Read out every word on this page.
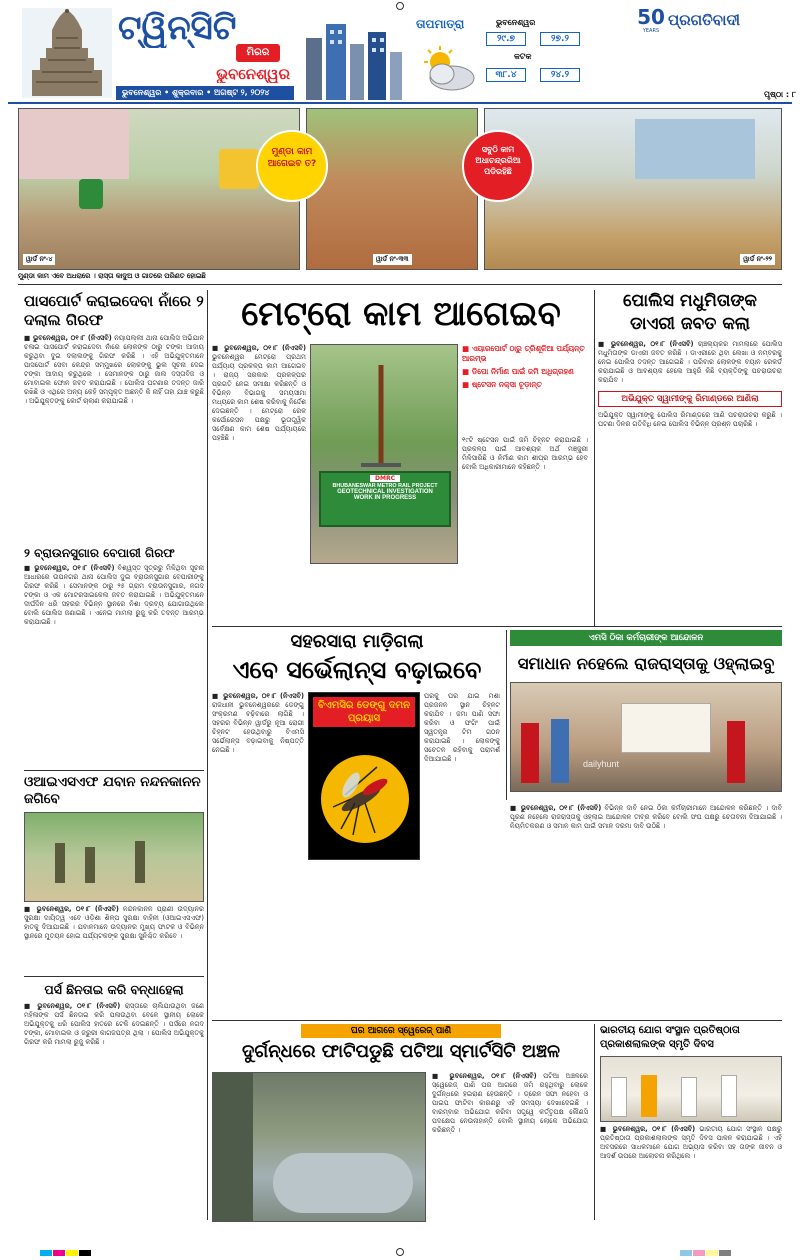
ଟ୍ୱିନ୍‌ସିଟି
ମିରର
ଭୁବନେଶ୍ୱର
ଭୁବନେଶ୍ୱର • ଶୁକ୍ରବାର • ଅଗଷ୍ଟ ୨, ୨୦୨୪
ତାପମାତ୍ରା	ଭୁବନେଶ୍ୱର
୨୯.୭	୨୭.୨
କଟକ
୩୮.୪	୨୪.୨
50
YEARS
ପ୍ରଗତିବାଦୀ
ପୃଷ୍ଠା : ୮
ୱାର୍ଡ ନଂ-୪	ୱାର୍ଡ ନଂ-୩୩	ୱାର୍ଡ ନଂ-୨୨
ମୁଣ୍ଡା କାମ ଆଗେଇବ ତ?
ସବୁଠି କାମ ଅଧାଚନ୍ଦ୍ରରିଆ ପଡିରହିଛି
ମୁଣ୍ଡା କାମ ଏବେ ଅଧରାରେ । ରାସ୍ତା କାଦୁଅ ଓ ଗାତରେ ପରିଣତ ହୋଇଛି
ପାସପୋର୍ଟ କରାଇଦେବା ନାଁରେ ୨ ଦଲାଲ ଗିରଫ
■ ଭୁବନେଶ୍ୱର, ୦୧।୮ (ନିଏସବି) ନୟାପଲ୍ଲୀ ଥାନା ପୋଲିସ ଅଭିଯାନ ଚଳାଇ ପାସପୋର୍ଟ କରାଇଦେବା ନାଁରେ ଲୋକଙ୍କ ଠାରୁ ଟଙ୍କା ଆଦାୟ କରୁଥିବା ଦୁଇ ଦଲାଲଙ୍କୁ ଗିରଫ କରିଛି । ଏହି ଅଭିଯୁକ୍ତମାନେ ପାସପୋର୍ଟ ସେବା କେନ୍ଦ୍ର ସମ୍ମୁଖରେ ଲୋକଙ୍କୁ ଭୁଲ ସୂଚନା ଦେଇ ଟଙ୍କା ଆଦାୟ କରୁଥିଲେ । ସେମାନଙ୍କ ଠାରୁ ଜାଲ ଦସ୍ତାବିଜ ଓ ମୋବାଇଲ ଫୋନ ଜବତ କରାଯାଇଛି । ପୋଲିସ ଘଟଣାର ତଦନ୍ତ ଜାରି ରଖିଛି ଓ ଏଥିରେ ଅନ୍ୟ କେହି ସମ୍ପୃକ୍ତ ଅଛନ୍ତି କି ନାହିଁ ତାହା ଯାଞ୍ଚ କରୁଛି । ଅଭିଯୁକ୍ତଙ୍କୁ କୋର୍ଟ ଚାଲାଣ କରାଯାଇଛି ।
୨ ବ୍ରାଉନସୁଗାର ବେପାରୀ ଗିରଫ
■ ଭୁବନେଶ୍ୱର, ୦୧।୮ (ନିଏସବି) ବିଶ୍ୱସ୍ତ ସୂତ୍ରରୁ ମିଳିଥିବା ସୂଚନା ଆଧାରରେ ଉପନଗର ଥାନା ପୋଲିସ ଦୁଇ ବ୍ରାଉନସୁଗାର ବେପାରୀଙ୍କୁ ଗିରଫ କରିଛି । ସେମାନଙ୍କ ଠାରୁ ୨୫ ଗ୍ରାମ ବ୍ରାଉନସୁଗାର, ନଗଦ ଟଙ୍କା ଓ ଏକ ମୋଟରସାଇକେଲ ଜବତ କରାଯାଇଛି । ଅଭିଯୁକ୍ତମାନେ ଦୀର୍ଘଦିନ ଧରି ସହରର ବିଭିନ୍ନ ସ୍ଥାନରେ ନିଶା ଦ୍ରବ୍ୟ ଯୋଗାଉଥିଲେ ବୋଲି ପୋଲିସ ଜଣାଇଛି । ଏନେଇ ମାମଲା ରୁଜୁ କରି ତଦନ୍ତ ଆରମ୍ଭ କରାଯାଇଛି ।
ଓଆଇଏସଏଫ ଯବାନ ନନ୍ଦନକାନନ ଜଗିବେ
■ ଭୁବନେଶ୍ୱର, ୦୧।୮ (ନିଏସବି) ନନ୍ଦନକାନନ ପ୍ରାଣୀ ଉଦ୍ୟାନର ସୁରକ୍ଷା ଦାୟିତ୍ୱ ଏବେ ଓଡ଼ିଶା ଶିଳ୍ପ ସୁରକ୍ଷା ବାହିନୀ (ଓଆଇଏସଏଫ) ହାତକୁ ଦିଆଯାଇଛି । ଯବାନମାନେ ଉଦ୍ୟାନର ମୁଖ୍ୟ ଫାଟକ ଓ ବିଭିନ୍ନ ସ୍ଥାନରେ ମୁତୟନ ହୋଇ ପର୍ଯ୍ୟଟକଙ୍କ ସୁରକ୍ଷା ସୁନିଶ୍ଚିତ କରିବେ ।
ପର୍ସ ଛିନତାଇ କରି ବନ୍ଧାହେଲା
■ ଭୁବନେଶ୍ୱର, ୦୧।୮ (ନିଏସବି) ରାସ୍ତାରେ ଚାଲିଯାଉଥିବା ଜଣେ ମହିଳାଙ୍କ ପର୍ସ ଛିନତାଇ କରି ପଳାଉଥିବା ବେଳେ ସ୍ଥାନୀୟ ଲୋକେ ଅଭିଯୁକ୍ତକୁ ଧରି ପୋଲିସ ହାତରେ ଟେକି ଦେଇଛନ୍ତି । ପର୍ସରେ ନଗଦ ଟଙ୍କା, ମୋବାଇଲ ଓ ଜରୁରୀ କାଗଜପତ୍ର ଥିଲା । ପୋଲିସ ଅଭିଯୁକ୍ତକୁ ଗିରଫ କରି ମାମଲା ରୁଜୁ କରିଛି ।
ମେଟ୍ରୋ କାମ ଆଗେଇବ
■ ଭୁବନେଶ୍ୱର, ୦୧।୮ (ନିଏସବି) ଭୁବନେଶ୍ୱର ମେଟ୍ରୋ ପ୍ରଥମ ପର୍ଯ୍ୟାୟ ପ୍ରକଳ୍ପ କାମ ଆଗେଇବ । ରାଜ୍ୟ ସରକାର ପ୍ରକଳ୍ପର ପ୍ରଗତି ନେଇ ସମୀକ୍ଷା କରିଛନ୍ତି ଓ ବିଭିନ୍ନ ବିଭାଗକୁ ସମୟସୀମା ମଧ୍ୟରେ କାମ ଶେଷ କରିବାକୁ ନିର୍ଦ୍ଦେଶ ଦେଇଛନ୍ତି । ମେଟ୍ରୋ ରେଳ କର୍ପୋରେସନ ପକ୍ଷରୁ ଭୂତାତ୍ତ୍ୱିକ ସର୍ବେକ୍ଷଣ କାମ ଶେଷ ପର୍ଯ୍ୟାୟରେ ପହଞ୍ଚିଛି ।
DMRC
BHUBANESWAR METRO RAIL PROJECT
GEOTECHNICAL INVESTIGATION
WORK IN PROGRESS
■ ଏୟାରପୋର୍ଟ ଠାରୁ ତ୍ରିଶୂଳିଆ ପର୍ଯ୍ୟନ୍ତ ଆରମ୍ଭ
■ ଡିପୋ ନିର୍ମାଣ ପାଇଁ ଜମି ଅଧିଗ୍ରହଣ
■ ଷ୍ଟେସନ ନକ୍ସା ଚୂଡ଼ାନ୍ତ
୧୯ଟି ଷ୍ଟେସନ ପାଇଁ ଜମି ଚିହ୍ନଟ କରାଯାଇଛି । ପ୍ରକଳ୍ପ ପାଇଁ ଆବଶ୍ୟକ ଅର୍ଥ ମଞ୍ଜୁରୀ ମିଳିସାରିଛି ଓ ନିର୍ମାଣ କାମ ଶୀଘ୍ର ଆରମ୍ଭ ହେବ ବୋଲି ଅଧିକାରୀମାନେ କହିଛନ୍ତି ।
ପୋଲିସ ମଧୁମିତାଙ୍କ ଡାଏରୀ ଜବତ କଲା
■ ଭୁବନେଶ୍ୱର, ୦୧।୮ (ନିଏସବି) ଚାଞ୍ଚଲ୍ୟକର ମାମଲାରେ ପୋଲିସ ମଧୁମିତାଙ୍କ ଡାଏରୀ ଜବତ କରିଛି । ଡାଏରୀରେ ଥିବା ଲେଖା ଓ ନମ୍ବରକୁ ନେଇ ପୋଲିସ ତଦନ୍ତ ଆଗେଇଛି । ପରିବାର ଲୋକଙ୍କ ବୟାନ ରେକର୍ଡ କରାଯାଇଛି ଓ ଆବଶ୍ୟକ ହେଲେ ଆହୁରି କିଛି ବ୍ୟକ୍ତିଙ୍କୁ ପଚରାଉଚରା କରାଯିବ ।
ଅଭିଯୁକ୍ତ ସ୍ୱାମୀଙ୍କୁ ରିମାଣ୍ଡରେ ଆଣିଲା
ଅଭିଯୁକ୍ତ ସ୍ୱାମୀଙ୍କୁ ପୋଲିସ ରିମାଣ୍ଡରେ ଆଣି ପଚରାଉଚରା କରୁଛି । ଘଟଣା ଦିନର ଗତିବିଧି ନେଇ ପୋଲିସ ବିଭିନ୍ନ ପ୍ରଶ୍ନ ପଚାରିଛି ।
ସହରସାରା ମାଡ଼ିଗଲା
ଏବେ ସର୍ଭେଲାନ୍ସ ବଢ଼ାଇବେ
■ ଭୁବନେଶ୍ୱର, ୦୧।୮ (ନିଏସବି) ରାଜଧାନୀ ଭୁବନେଶ୍ୱରରେ ଡେଙ୍ଗୁ ସଂକ୍ରମଣ ବଢ଼ିବାରେ ଲାଗିଛି । ସହରର ବିଭିନ୍ନ ୱାର୍ଡରୁ ନୂଆ ରୋଗୀ ଚିହ୍ନଟ ହେଉଥିବାରୁ ବିଏମସି ସର୍ଭେଲାନ୍ସ ବଢ଼ାଇବାକୁ ନିଷ୍ପତ୍ତି ନେଇଛି ।
ବିଏମସିର ଡେଙ୍ଗୁ ଦମନ ପ୍ରୟାସ
ଘରକୁ ଘର ଯାଇ ମଶା ପ୍ରଜନନ ସ୍ଥାନ ଚିହ୍ନଟ କରାଯିବ । ଜମା ପାଣି ସଫା କରିବା ଓ ଫଗିଂ ପାଇଁ ସ୍ୱତନ୍ତ୍ର ଟିମ ଗଠନ କରାଯାଇଛି । ଲୋକଙ୍କୁ ସଚେତନ ରହିବାକୁ ପରାମର୍ଶ ଦିଆଯାଇଛି ।
ଏମସି ଠିକା କର୍ମଚାରୀଙ୍କ ଆନ୍ଦୋଳନ
ସମାଧାନ ନହେଲେ ରାଜରାସ୍ତାକୁ ଓହ୍ଲାଇବୁ
dailyhunt
■ ଭୁବନେଶ୍ୱର, ୦୧।୮ (ନିଏସବି) ବିଭିନ୍ନ ଦାବି ନେଇ ଠିକା କର୍ମଚାରୀମାନେ ଆନ୍ଦୋଳନ କରିଛନ୍ତି । ଦାବି ପୂରଣ ନହେଲେ ରାଜରାସ୍ତାକୁ ଓହ୍ଲାଇ ଆନ୍ଦୋଳନ ତୀବ୍ର କରିବେ ବୋଲି ସଂଘ ପକ୍ଷରୁ ଚେତାବନୀ ଦିଆଯାଇଛି । ନିୟମିତକରଣ ଓ ସମାନ କାମ ପାଇଁ ସମାନ ଦରମା ଦାବି ଉଠିଛି ।
ଘର ଆଗରେ ସ୍ୱେରେଜ୍ ପାଣି
ଦୁର୍ଗନ୍ଧରେ ଫାଟିପଡୁଛି ପଟିଆ ସ୍ମାର୍ଟସିଟି ଅଞ୍ଚଳ
■ ଭୁବନେଶ୍ୱର, ୦୧।୮ (ନିଏସବି) ପଟିଆ ଅଞ୍ଚଳରେ ସ୍ୱେରେଜ୍ ପାଣି ଘର ଆଗରେ ଜମି ରହୁଥିବାରୁ ଲୋକେ ଦୁର୍ଗନ୍ଧରେ ହଇରାଣ ହେଉଛନ୍ତି । ଡ୍ରେନ ସଫା ନହେବା ଓ ପାଇପ ଫାଟିବା କାରଣରୁ ଏହି ସମସ୍ୟା ଦେଖାଦେଇଛି । ବାରମ୍ବାର ଅଭିଯୋଗ କରିବା ସତ୍ତ୍ୱେ କର୍ତ୍ତୃପକ୍ଷ କୌଣସି ପଦକ୍ଷେପ ନେଉନାହାନ୍ତି ବୋଲି ସ୍ଥାନୀୟ ଲୋକେ ଅଭିଯୋଗ କରିଛନ୍ତି ।
ଭାରତୀୟ ଯୋଗ ସଂସ୍ଥାନ ପ୍ରତିଷ୍ଠାତା ପ୍ରକାଶଲାଲଙ୍କ ସ୍ମୃତି ଦିବସ
■ ଭୁବନେଶ୍ୱର, ୦୧।୮ (ନିଏସବି) ଭାରତୀୟ ଯୋଗ ସଂସ୍ଥାନ ପକ୍ଷରୁ ପ୍ରତିଷ୍ଠାତା ପ୍ରକାଶଲାଲଙ୍କ ସ୍ମୃତି ଦିବସ ପାଳନ କରାଯାଇଛି । ଏହି ଅବସରରେ ସାଧକମାନେ ଯୋଗ ଅଭ୍ୟାସ କରିବା ସହ ତାଙ୍କ ଜୀବନ ଓ ଆଦର୍ଶ ଉପରେ ଆଲୋଚନା କରିଥିଲେ ।
